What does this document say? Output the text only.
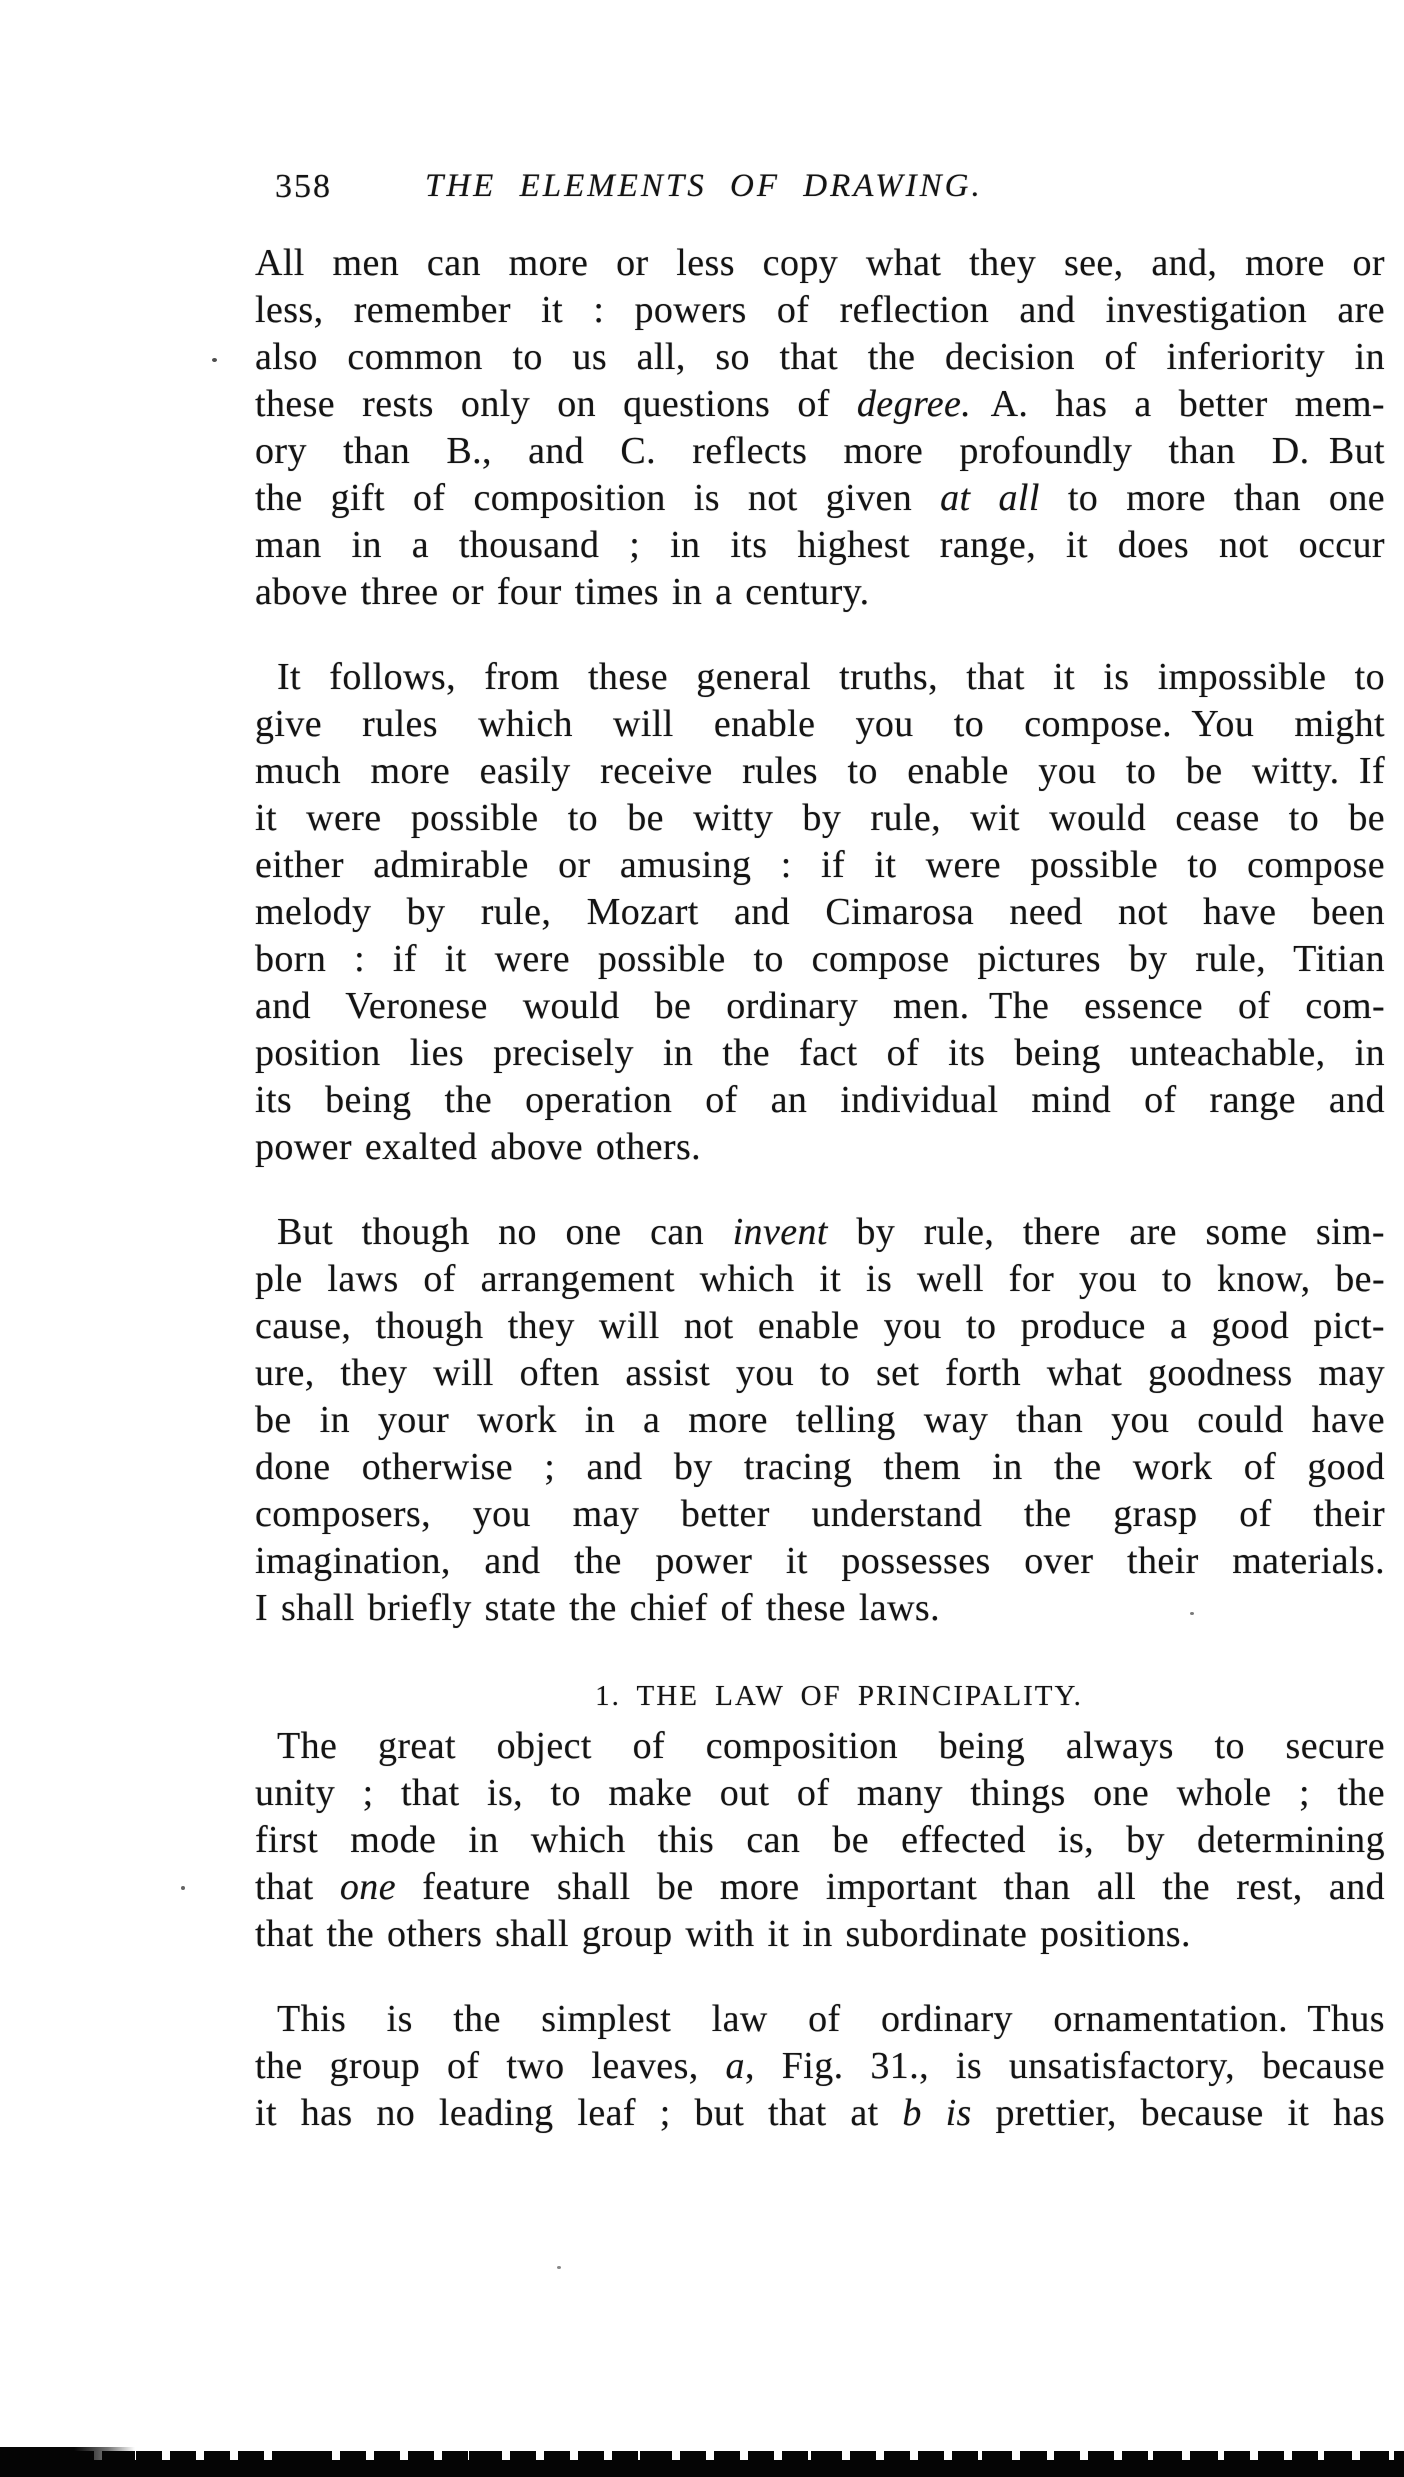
358	THE ELEMENTS OF DRAWING.

All men can more or less copy what they see, and, more or
less, remember it : powers of reflection and investigation are
also common to us all, so that the decision of inferiority in
these rests only on questions of degree. A. has a better mem-
ory than B., and C. reflects more profoundly than D. But
the gift of composition is not given at all to more than one
man in a thousand ; in its highest range, it does not occur
above three or four times in a century.

It follows, from these general truths, that it is impossible to
give rules which will enable you to compose. You might
much more easily receive rules to enable you to be witty. If
it were possible to be witty by rule, wit would cease to be
either admirable or amusing : if it were possible to compose
melody by rule, Mozart and Cimarosa need not have been
born : if it were possible to compose pictures by rule, Titian
and Veronese would be ordinary men. The essence of com-
position lies precisely in the fact of its being unteachable, in
its being the operation of an individual mind of range and
power exalted above others.

But though no one can invent by rule, there are some sim-
ple laws of arrangement which it is well for you to know, be-
cause, though they will not enable you to produce a good pict-
ure, they will often assist you to set forth what goodness may
be in your work in a more telling way than you could have
done otherwise ; and by tracing them in the work of good
composers, you may better understand the grasp of their
imagination, and the power it possesses over their materials.
I shall briefly state the chief of these laws.

1. THE LAW OF PRINCIPALITY.

The great object of composition being always to secure
unity ; that is, to make out of many things one whole ; the
first mode in which this can be effected is, by determining
that one feature shall be more important than all the rest, and
that the others shall group with it in subordinate positions.

This is the simplest law of ordinary ornamentation. Thus
the group of two leaves, a, Fig. 31., is unsatisfactory, because
it has no leading leaf ; but that at b is prettier, because it has
